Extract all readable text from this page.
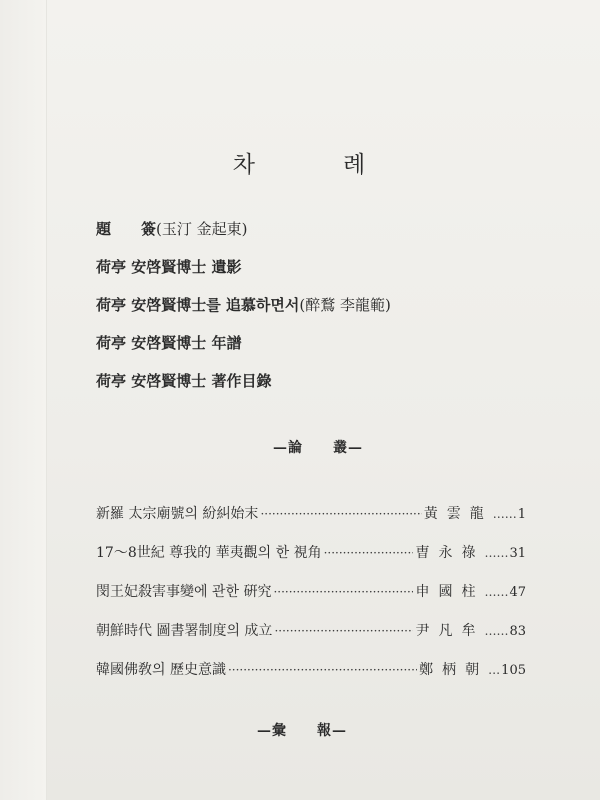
차	례
題　　簽(玉汀 金起東)
荷亭 安啓賢博士 遺影
荷亭 安啓賢博士를 追慕하면서(醉鶩 李龍範)
荷亭 安啓賢博士 年譜
荷亭 安啓賢博士 著作目錄
—論　　叢—
新羅 太宗廟號의 紛糾始末 ·····	黃雲龍 …… 1
17～8世紀 尊我的 華夷觀의 한 視角 ·····	曺永祿 …… 31
閔王妃殺害事變에 관한 硏究 ·····	申國柱 …… 47
朝鮮時代 圖書署制度의 成立 ·····	尹凡牟 …… 83
韓國佛敎의 歷史意識 ·····	鄭柄朝 … 105
—彙　　報—
